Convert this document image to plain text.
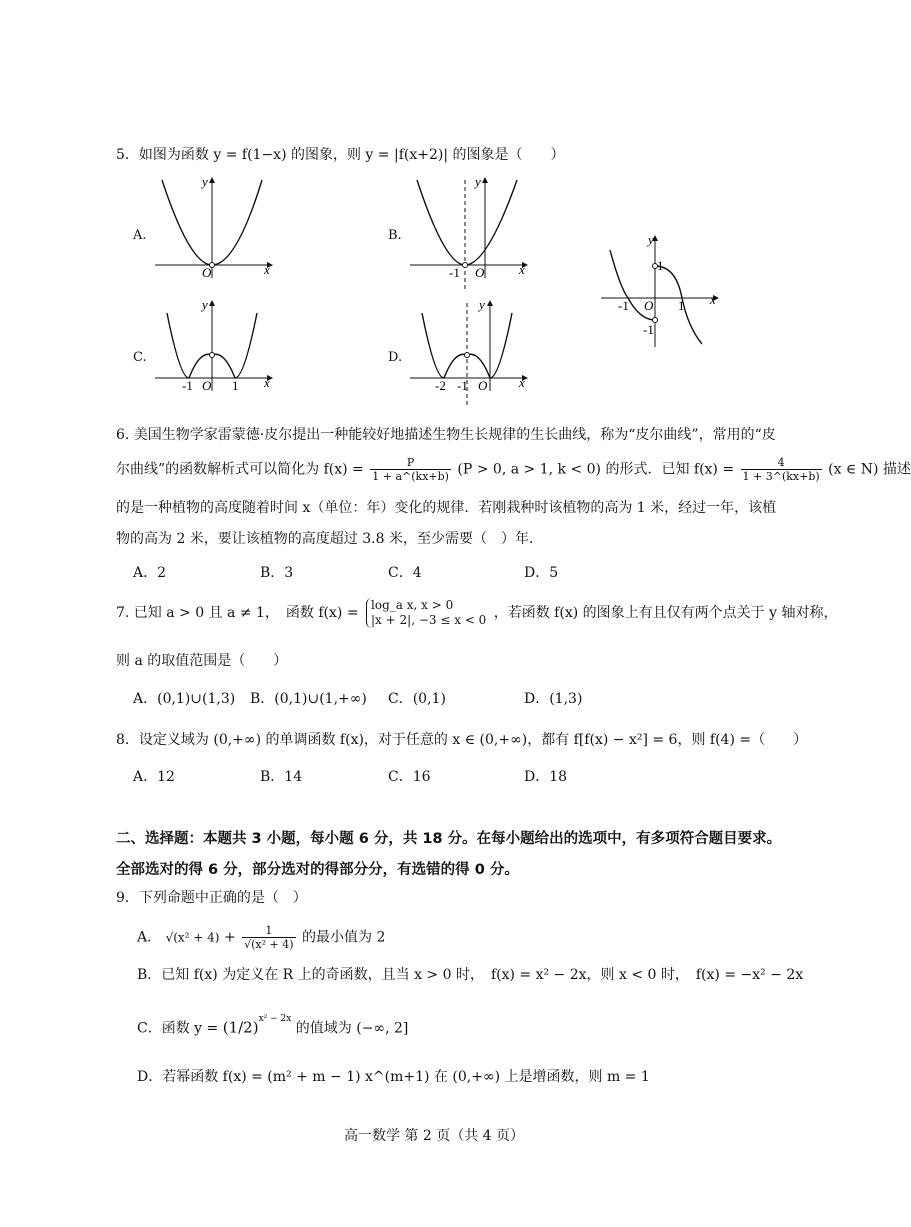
5．如图为函数 y = f(1−x) 的图象，则 y = |f(x+2)| 的图象是（　　）
A.	B.
C.	D.
O	x
y
-1 O	x
y
-1 O 1 x
y
-2 -1 O x
y
y
x
O
-1	1
1
-1
6. 美国生物学家雷蒙德·皮尔提出一种能较好地描述生物生长规律的生长曲线，称为“皮尔曲线”，常用的“皮
尔曲线”的函数解析式可以简化为 $f(x) = \frac{P}{1 + a\^{}(kx+b)} (P > 0$, a > 1, k < 0) 的形式．已知 $f(x) = \frac{4}{1 + 3\^{}(kx+b)} (x$ ∈ N) 描述
的是一种植物的高度随着时间 x（单位：年）变化的规律．若刚栽种时该植物的高为 1 米，经过一年，该植
物的高为 2 米，要让该植物的高度超过 3.8 米，至少需要（　）年．
A．2	B．3	C．4	D．5
7. 已知 a > 0 且 a ≠ 1，　函数 f(x) = log_a x, x > 0
|x + 2|, −3 ≤ x < 0 ，若函数 f(x) 的图象上有且仅有两个点关于 y 轴对称，
则 a 的取值范围是（　　）
A．(0,1)∪(1,3) B．(0,1)∪(1,+∞) C．(0,1)	D．(1,3)
8．设定义域为 (0,+∞) 的单调函数 f(x)，对于任意的 x ∈ (0,+∞)，都有 f[f(x) − x²] = 6，则 f(4) =（　　）
A．12	B．14	C．16	D．18
二、选择题：本题共 3 小题，每小题 6 分，共 18 分。在每小题给出的选项中，有多项符合题目要求。
全部选对的得 6 分，部分选对的得部分分，有选错的得 0 分。
9．下列命题中正确的是（　）
A． $√(x^2 + 4) + \frac{1}{\text{√(x² + 4)}}$ 的最小值为 2
B．已知 f(x) 为定义在 R 上的奇函数，且当 x > 0 时，　f(x) = x² − 2x，则 x < 0 时，　f(x) = −x² − 2x
C．函数 $y = (1/2)^{x^2 - 2x}$ 的值域为 (−∞, 2]
D．若幂函数 f(x) = (m² + m − 1) x^(m+1) 在 (0,+∞) 上是增函数，则 m = 1
高一数学 第 2 页（共 4 页）
